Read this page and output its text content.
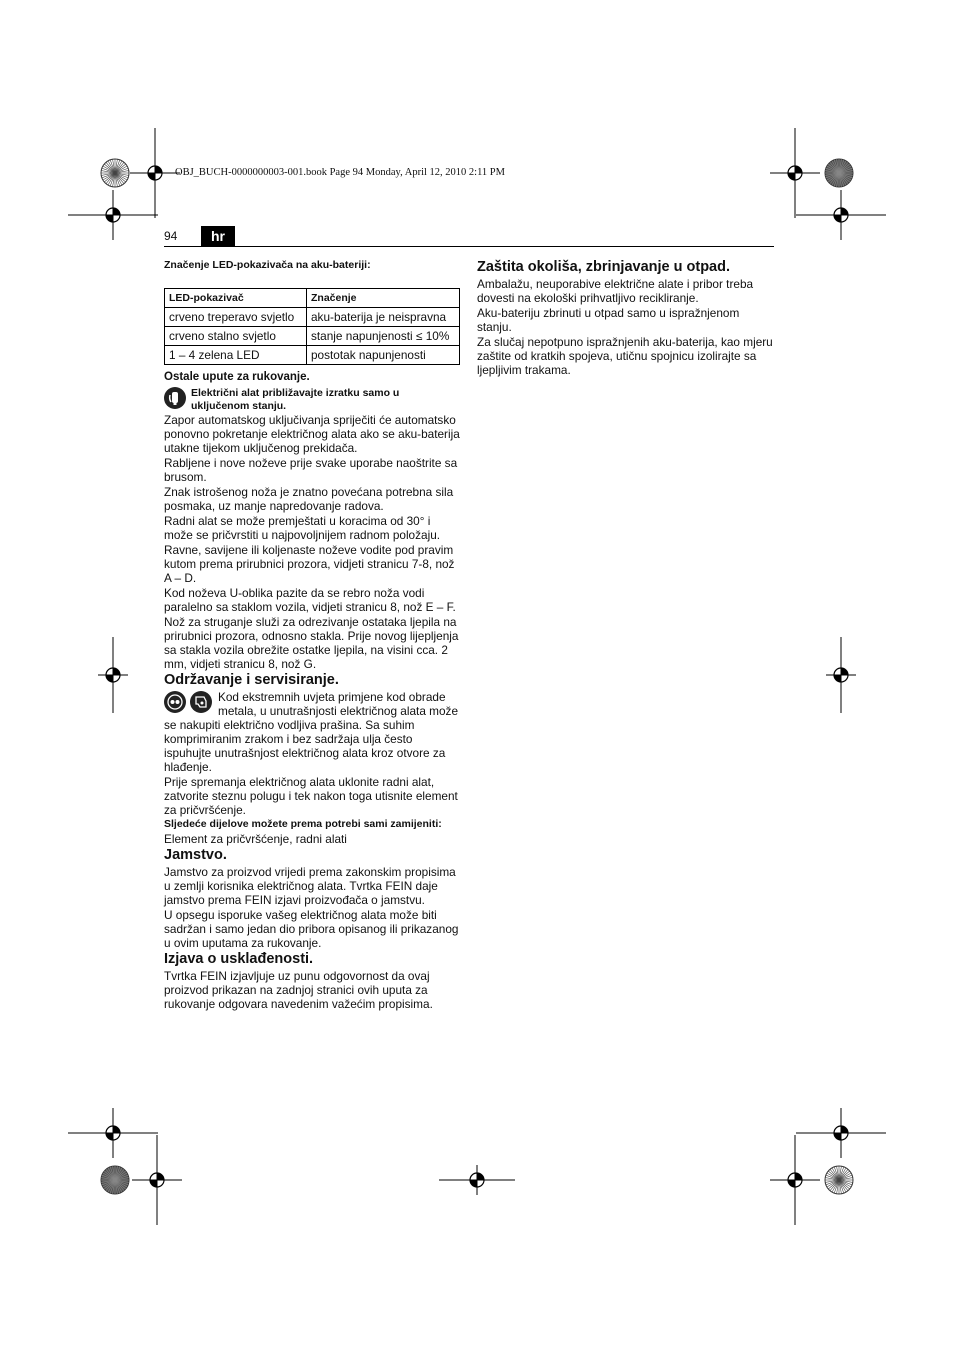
OBJ_BUCH-0000000003-001.book Page 94 Monday, April 12, 2010 2:11 PM
94	hr

Značenje LED-pokazivača na aku-bateriji:

LED-pokazivač	Značenje
crveno treperavo svjetlo	aku-baterija je neispravna
crveno stalno svjetlo	stanje napunjenosti ≤ 10%
1 – 4 zelena LED	postotak napunjenosti

Ostale upute za rukovanje.

Električni alat približavajte izratku samo u uključenom stanju.

Zapor automatskog uključivanja spriječiti će automatsko ponovno pokretanje električnog alata ako se aku-baterija utakne tijekom uključenog prekidača.

Rabljene i nove noževe prije svake uporabe naoštrite sa brusom.

Znak istrošenog noža je znatno povećana potrebna sila posmaka, uz manje napredovanje radova.

Radni alat se može premještati u koracima od 30° i može se pričvrstiti u najpovoljnijem radnom položaju.

Ravne, savijene ili koljenaste noževe vodite pod pravim kutom prema prirubnici prozora, vidjeti stranicu 7-8, nož A – D.

Kod noževa U-oblika pazite da se rebro noža vodi paralelno sa staklom vozila, vidjeti stranicu 8, nož E – F.

Nož za struganje služi za odrezivanje ostataka ljepila na prirubnici prozora, odnosno stakla. Prije novog lijepljenja sa stakla vozila obrežite ostatke ljepila, na visini cca. 2 mm, vidjeti stranicu 8, nož G.

Održavanje i servisiranje.

Kod ekstremnih uvjeta primjene kod obrade metala, u unutrašnjosti električnog alata može se nakupiti električno vodljiva prašina. Sa suhim komprimiranim zrakom i bez sadržaja ulja često ispuhujte unutrašnjost električnog alata kroz otvore za hlađenje.

Prije spremanja električnog alata uklonite radni alat, zatvorite steznu polugu i tek nakon toga utisnite element za pričvršćenje.

Sljedeće dijelove možete prema potrebi sami zamijeniti:

Element za pričvršćenje, radni alati

Jamstvo.

Jamstvo za proizvod vrijedi prema zakonskim propisima u zemlji korisnika električnog alata. Tvrtka FEIN daje jamstvo prema FEIN izjavi proizvođača o jamstvu.

U opsegu isporuke vašeg električnog alata može biti sadržan i samo jedan dio pribora opisanog ili prikazanog u ovim uputama za rukovanje.

Izjava o usklađenosti.

Tvrtka FEIN izjavljuje uz punu odgovornost da ovaj proizvod prikazan na zadnjoj stranici ovih uputa za rukovanje odgovara navedenim važećim propisima.

Zaštita okoliša, zbrinjavanje u otpad.

Ambalažu, neuporabive električne alate i pribor treba dovesti na ekološki prihvatljivo recikliranje.

Aku-bateriju zbrinuti u otpad samo u ispražnjenom stanju.

Za slučaj nepotpuno ispražnjenih aku-baterija, kao mjeru zaštite od kratkih spojeva, utičnu spojnicu izolirajte sa ljepljivim trakama.
